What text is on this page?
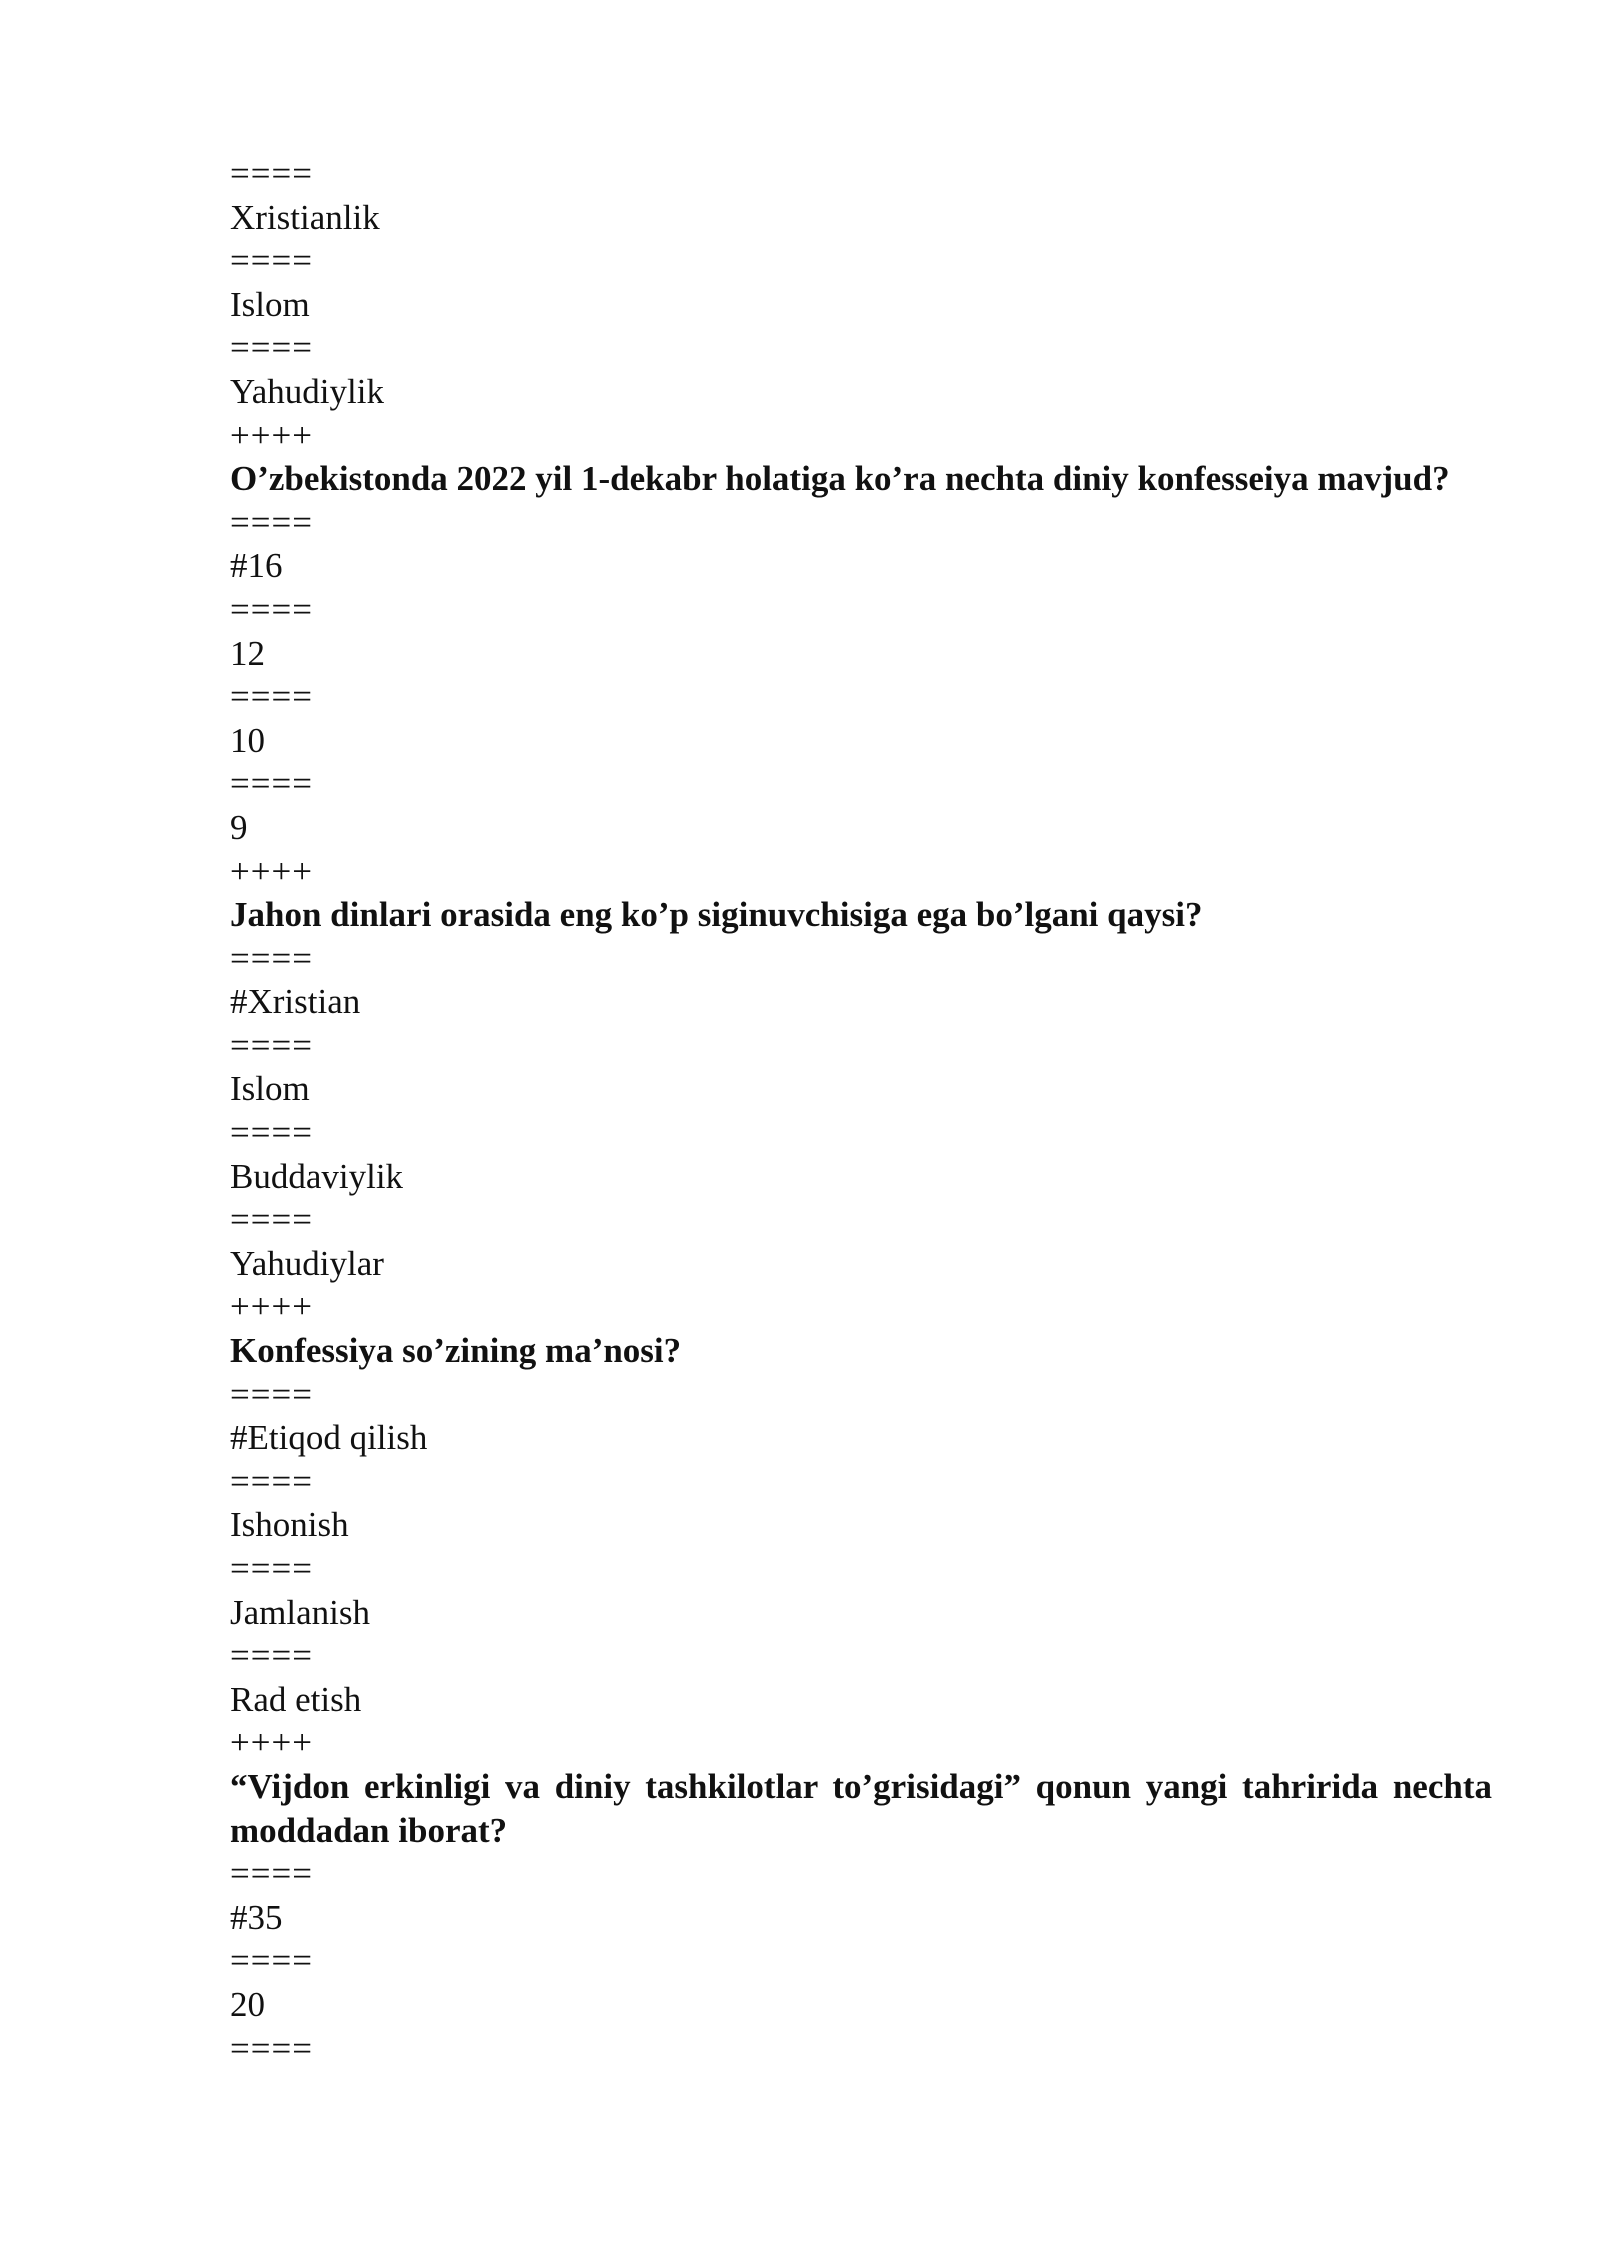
====
Xristianlik
====
Islom
====
Yahudiylik
++++
O’zbekistonda 2022 yil 1-dekabr holatiga ko’ra nechta diniy konfesseiya mavjud?
====
#16
====
12
====
10
====
9
++++
Jahon dinlari orasida eng ko’p siginuvchisiga ega bo’lgani qaysi?
====
#Xristian
====
Islom
====
Buddaviylik
====
Yahudiylar
++++
Konfessiya so’zining ma’nosi?
====
#Etiqod qilish
====
Ishonish
====
Jamlanish
====
Rad etish
++++
“Vijdon erkinligi va diniy tashkilotlar to’grisidagi” qonun yangi tahririda nechta moddadan iborat?
====
#35
====
20
====
